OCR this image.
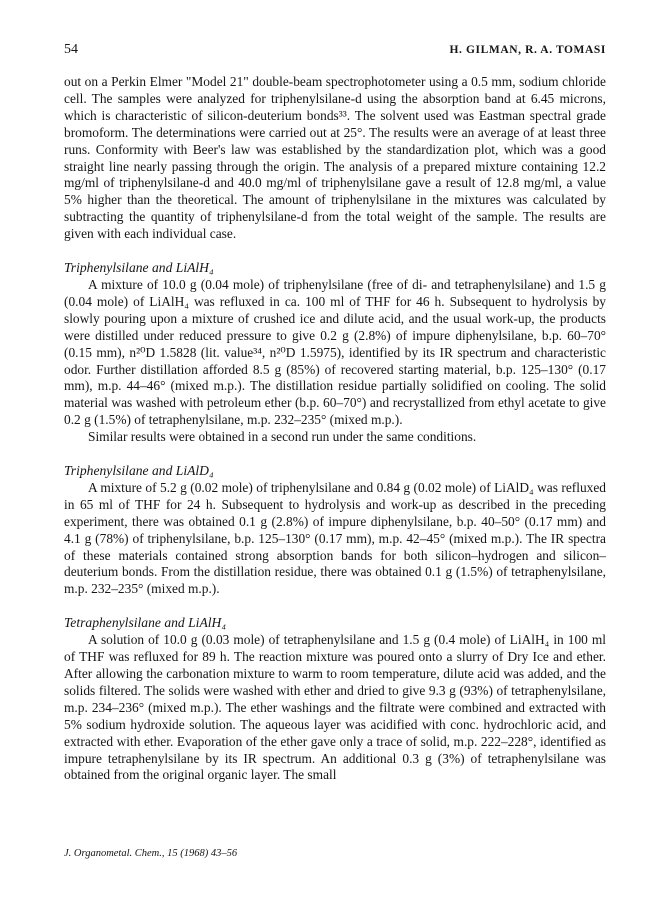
54	H. GILMAN, R. A. TOMASI

out on a Perkin Elmer "Model 21" double-beam spectrophotometer using a 0.5 mm, sodium chloride cell. The samples were analyzed for triphenylsilane-d using the absorption band at 6.45 microns, which is characteristic of silicon-deuterium bonds³³. The solvent used was Eastman spectral grade bromoform. The determinations were carried out at 25°. The results were an average of at least three runs. Conformity with Beer's law was established by the standardization plot, which was a good straight line nearly passing through the origin. The analysis of a prepared mixture containing 12.2 mg/ml of triphenylsilane-d and 40.0 mg/ml of triphenylsilane gave a result of 12.8 mg/ml, a value 5% higher than the theoretical. The amount of triphenylsilane in the mixtures was calculated by subtracting the quantity of triphenylsilane-d from the total weight of the sample. The results are given with each individual case.

Triphenylsilane and LiAlH₄

A mixture of 10.0 g (0.04 mole) of triphenylsilane (free of di- and tetraphenylsilane) and 1.5 g (0.04 mole) of LiAlH₄ was refluxed in ca. 100 ml of THF for 46 h. Subsequent to hydrolysis by slowly pouring upon a mixture of crushed ice and dilute acid, and the usual work-up, the products were distilled under reduced pressure to give 0.2 g (2.8%) of impure diphenylsilane, b.p. 60–70° (0.15 mm), n²⁰D 1.5828 (lit. value³⁴, n²⁰D 1.5975), identified by its IR spectrum and characteristic odor. Further distillation afforded 8.5 g (85%) of recovered starting material, b.p. 125–130° (0.17 mm), m.p. 44–46° (mixed m.p.). The distillation residue partially solidified on cooling. The solid material was washed with petroleum ether (b.p. 60–70°) and recrystallized from ethyl acetate to give 0.2 g (1.5%) of tetraphenylsilane, m.p. 232–235° (mixed m.p.).

Similar results were obtained in a second run under the same conditions.

Triphenylsilane and LiAlD₄

A mixture of 5.2 g (0.02 mole) of triphenylsilane and 0.84 g (0.02 mole) of LiAlD₄ was refluxed in 65 ml of THF for 24 h. Subsequent to hydrolysis and work-up as described in the preceding experiment, there was obtained 0.1 g (2.8%) of impure diphenylsilane, b.p. 40–50° (0.17 mm) and 4.1 g (78%) of triphenylsilane, b.p. 125–130° (0.17 mm), m.p. 42–45° (mixed m.p.). The IR spectra of these materials contained strong absorption bands for both silicon–hydrogen and silicon–deuterium bonds. From the distillation residue, there was obtained 0.1 g (1.5%) of tetraphenylsilane, m.p. 232–235° (mixed m.p.).

Tetraphenylsilane and LiAlH₄

A solution of 10.0 g (0.03 mole) of tetraphenylsilane and 1.5 g (0.4 mole) of LiAlH₄ in 100 ml of THF was refluxed for 89 h. The reaction mixture was poured onto a slurry of Dry Ice and ether. After allowing the carbonation mixture to warm to room temperature, dilute acid was added, and the solids filtered. The solids were washed with ether and dried to give 9.3 g (93%) of tetraphenylsilane, m.p. 234–236° (mixed m.p.). The ether washings and the filtrate were combined and extracted with 5% sodium hydroxide solution. The aqueous layer was acidified with conc. hydrochloric acid, and extracted with ether. Evaporation of the ether gave only a trace of solid, m.p. 222–228°, identified as impure tetraphenylsilane by its IR spectrum. An additional 0.3 g (3%) of tetraphenylsilane was obtained from the original organic layer. The small

J. Organometal. Chem., 15 (1968) 43–56
